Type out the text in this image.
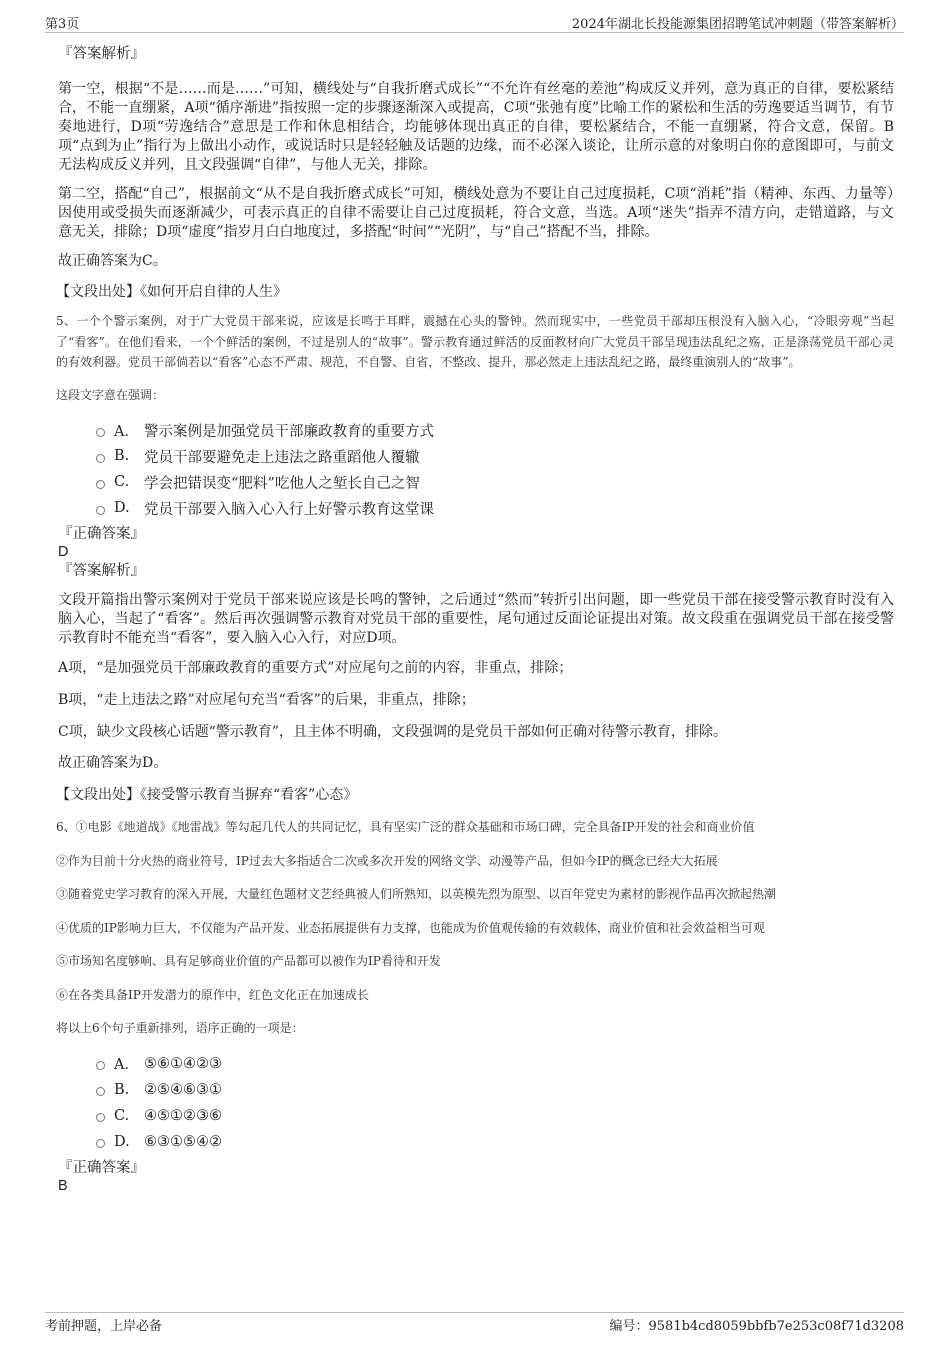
第3页	2024年湖北长投能源集团招聘笔试冲刺题（带答案解析）
『答案解析』
第一空，根据“不是……而是……”可知，横线处与“自我折磨式成长”“不允许有丝毫的差池”构成反义并列，意为真正的自律，要松紧结合，不能一直绷紧，A项“循序渐进”指按照一定的步骤逐渐深入或提高，C项“张弛有度”比喻工作的紧松和生活的劳逸要适当调节，有节奏地进行，D项“劳逸结合”意思是工作和休息相结合，均能够体现出真正的自律，要松紧结合，不能一直绷紧，符合文意，保留。B项“点到为止”指行为上做出小动作，或说话时只是轻轻触及话题的边缘，而不必深入谈论，让所示意的对象明白你的意图即可，与前文无法构成反义并列，且文段强调“自律”，与他人无关，排除。
第二空，搭配“自己”，根据前文“从不是自我折磨式成长”可知，横线处意为不要让自己过度损耗，C项“消耗”指（精神、东西、力量等）因使用或受损失而逐渐减少，可表示真正的自律不需要让自己过度损耗，符合文意，当选。A项“迷失”指弄不清方向，走错道路，与文意无关，排除；D项“虚度”指岁月白白地度过，多搭配“时间”“光阴”，与“自己”搭配不当，排除。
故正确答案为C。
【文段出处】《如何开启自律的人生》
5、一个个警示案例，对于广大党员干部来说，应该是长鸣于耳畔，震撼在心头的警钟。然而现实中，一些党员干部却压根没有入脑入心，“冷眼旁观”当起了“看客”。在他们看来，一个个鲜活的案例，不过是别人的“故事”。警示教育通过鲜活的反面教材向广大党员干部呈现违法乱纪之殇，正是涤荡党员干部心灵的有效利器。党员干部倘若以“看客”心态不严肃、规范，不自警、自省，不整改、提升，那必然走上违法乱纪之路，最终重演别人的“故事”。
这段文字意在强调：
A． 警示案例是加强党员干部廉政教育的重要方式
B.	党员干部要避免走上违法之路重蹈他人覆辙
C.	学会把错误变“肥料”吃他人之堑长自己之智
D. 党员干部要入脑入心入行上好警示教育这堂课
『正确答案』
D
『答案解析』
文段开篇指出警示案例对于党员干部来说应该是长鸣的警钟，之后通过“然而”转折引出问题，即一些党员干部在接受警示教育时没有入脑入心，当起了“看客”。然后再次强调警示教育对党员干部的重要性，尾句通过反面论证提出对策。故文段重在强调党员干部在接受警示教育时不能充当“看客”，要入脑入心入行，对应D项。
A项，“是加强党员干部廉政教育的重要方式”对应尾句之前的内容，非重点，排除；
B项，“走上违法之路”对应尾句充当“看客”的后果，非重点，排除；
C项，缺少文段核心话题“警示教育”，且主体不明确，文段强调的是党员干部如何正确对待警示教育，排除。
故正确答案为D。
【文段出处】《接受警示教育当摒弃“看客”心态》
6、①电影《地道战》《地雷战》等勾起几代人的共同记忆，具有坚实广泛的群众基础和市场口碑，完全具备IP开发的社会和商业价值
②作为目前十分火热的商业符号，IP过去大多指适合二次或多次开发的网络文学、动漫等产品，但如今IP的概念已经大大拓展
③随着党史学习教育的深入开展，大量红色题材文艺经典被人们所熟知，以英模先烈为原型、以百年党史为素材的影视作品再次掀起热潮
④优质的IP影响力巨大，不仅能为产品开发、业态拓展提供有力支撑，也能成为价值观传输的有效载体，商业价值和社会效益相当可观
⑤市场知名度够响、具有足够商业价值的产品都可以被作为IP看待和开发
⑥在各类具备IP开发潜力的原作中，红色文化正在加速成长
将以上6个句子重新排列，语序正确的一项是：
A． ⑤⑥①④②③
B.	②⑤④⑥③①
C.	④⑤①②③⑥
D. ⑥③①⑤④②
『正确答案』
B
考前押题，上岸必备	编号：9581b4cd8059bbfb7e253c08f71d3208
